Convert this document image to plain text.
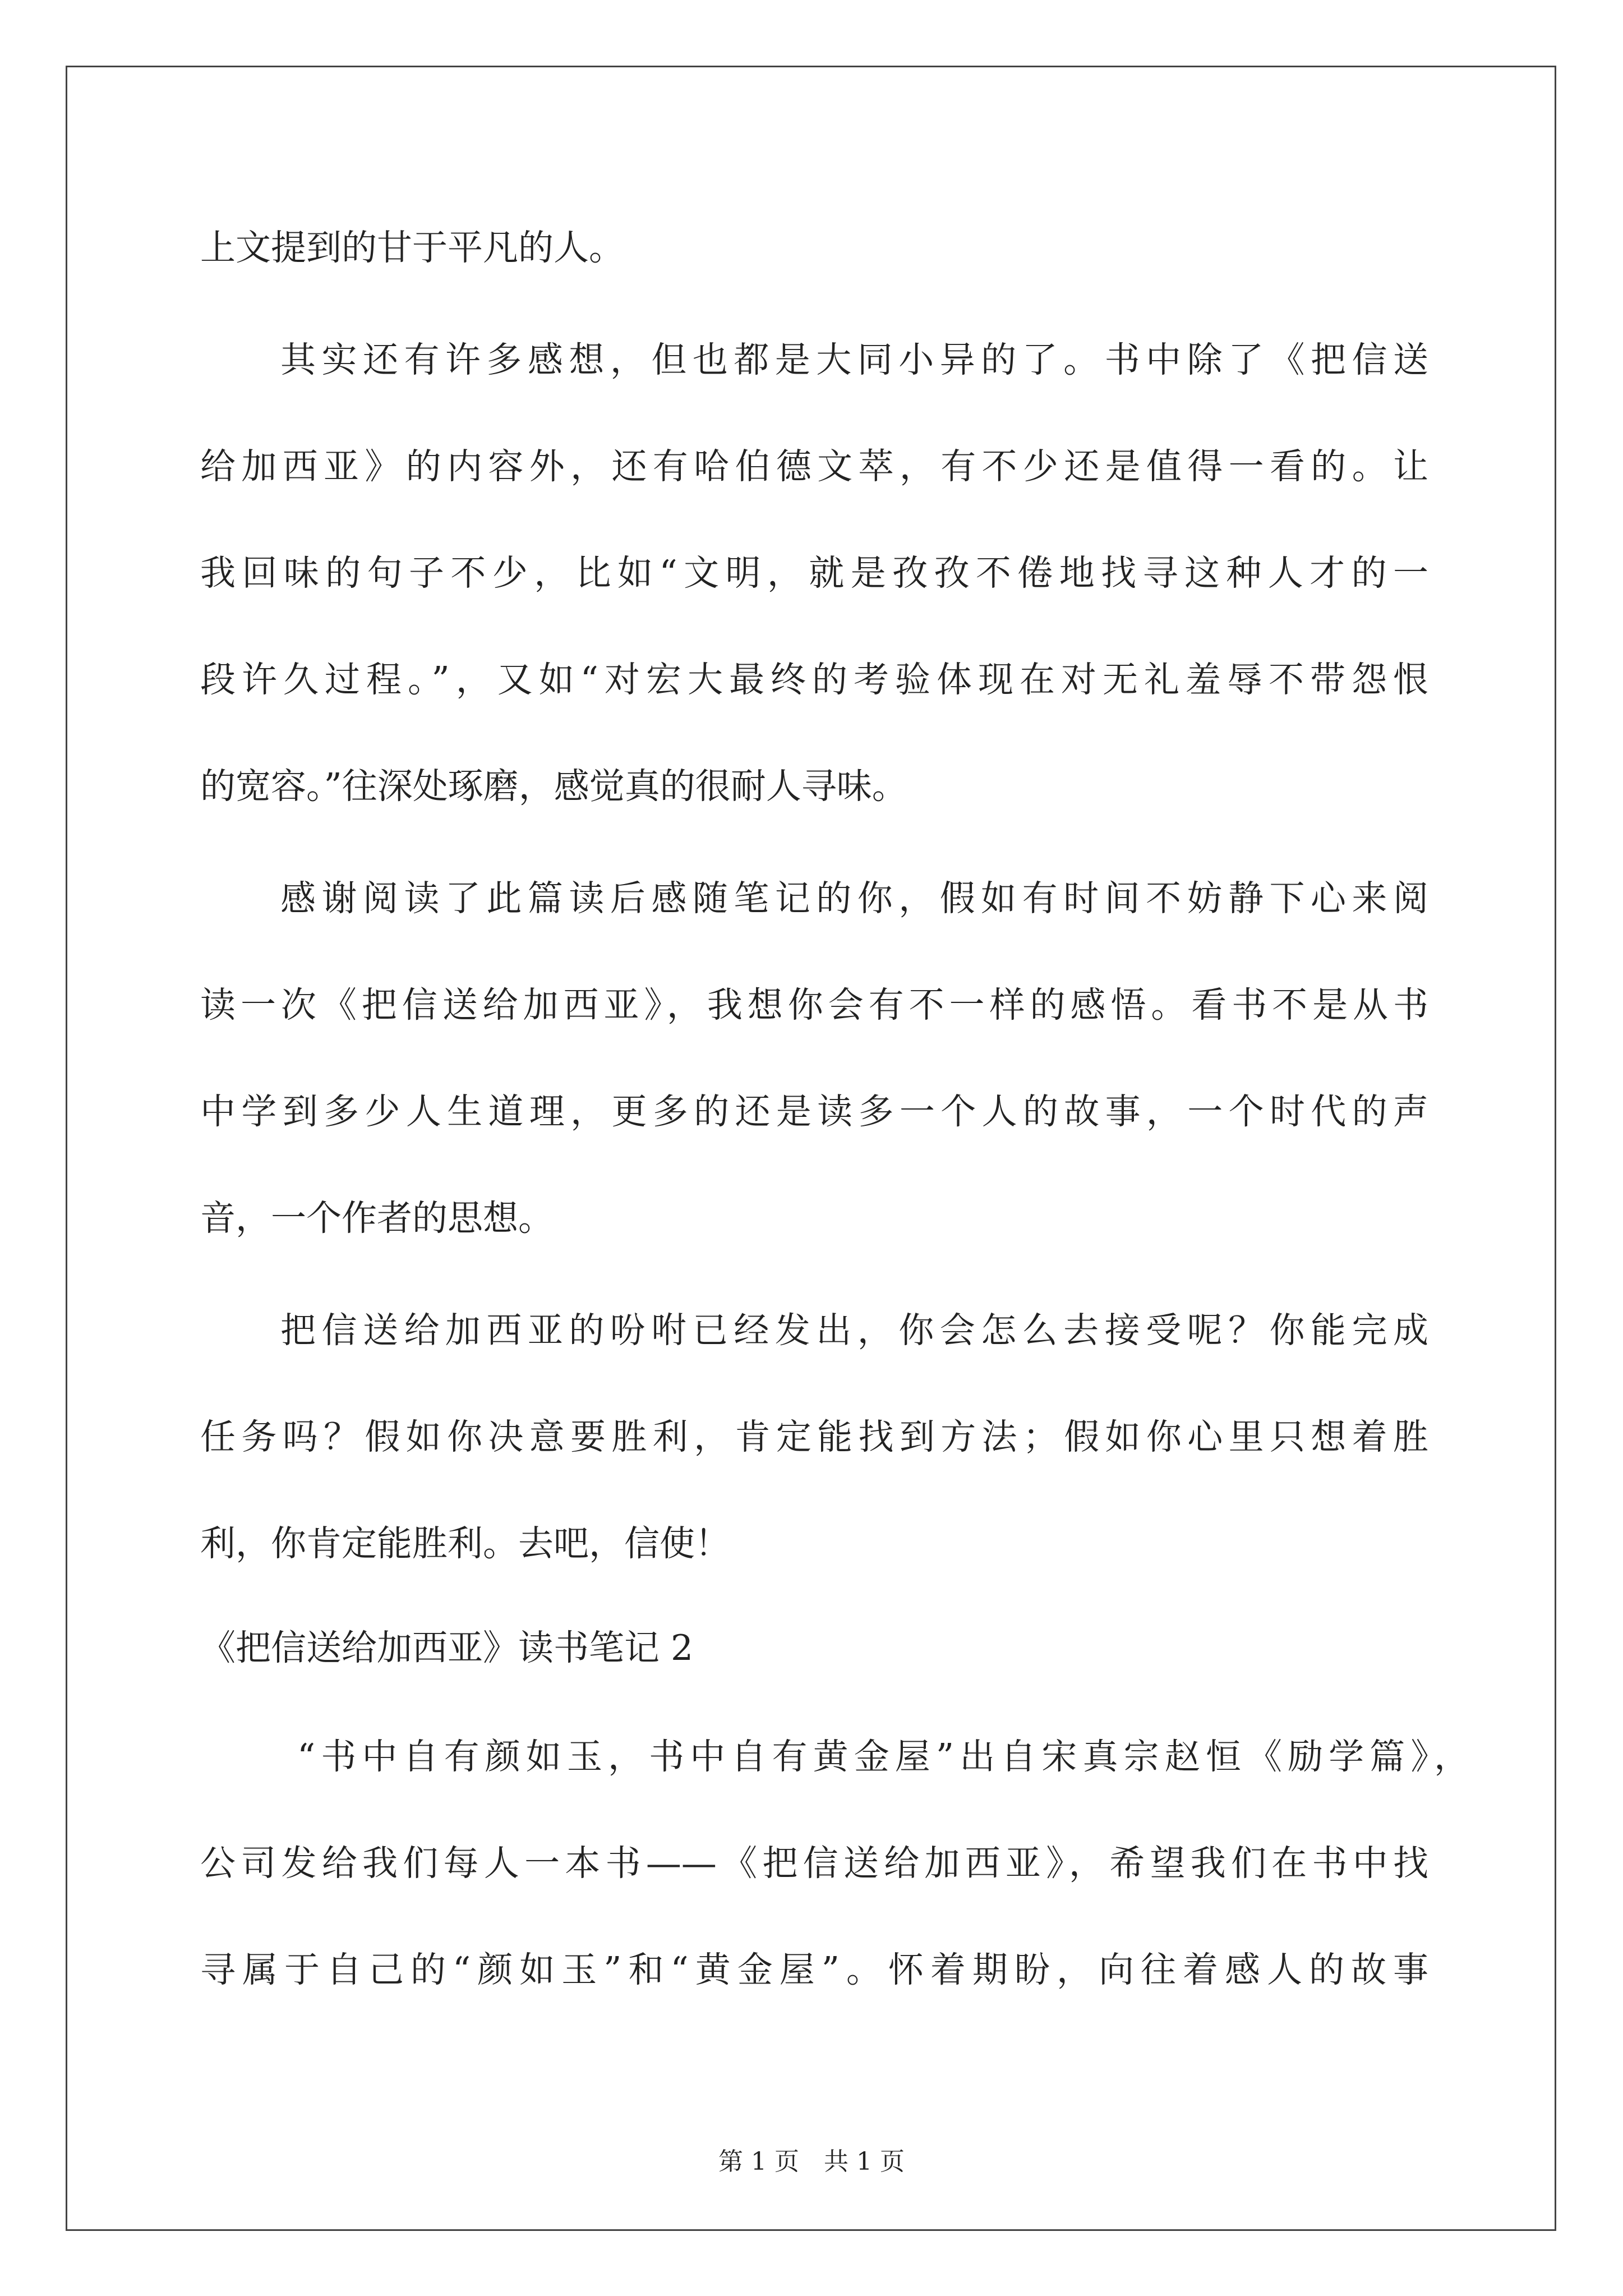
上文提到的甘于平凡的人。
其实还有许多感想，但也都是大同小异的了。书中除了《把信送
给加西亚》的内容外，还有哈伯德文萃，有不少还是值得一看的。让
我回味的句子不少，比如“文明，就是孜孜不倦地找寻这种人才的一
段许久过程。”，又如“对宏大最终的考验体现在对无礼羞辱不带怨恨
的宽容。”往深处琢磨，感觉真的很耐人寻味。
感谢阅读了此篇读后感随笔记的你，假如有时间不妨静下心来阅
读一次《把信送给加西亚》，我想你会有不一样的感悟。看书不是从书
中学到多少人生道理，更多的还是读多一个人的故事，一个时代的声
音，一个作者的思想。
把信送给加西亚的吩咐已经发出，你会怎么去接受呢？你能完成
任务吗？假如你决意要胜利，肯定能找到方法；假如你心里只想着胜
利，你肯定能胜利。去吧，信使！
《把信送给加西亚》读书笔记 2
“书中自有颜如玉，书中自有黄金屋”出自宋真宗赵恒《励学篇》，
公司发给我们每人一本书——《把信送给加西亚》，希望我们在书中找
寻属于自己的“颜如玉”和“黄金屋”。怀着期盼，向往着感人的故事
第 1 页　共 1 页
